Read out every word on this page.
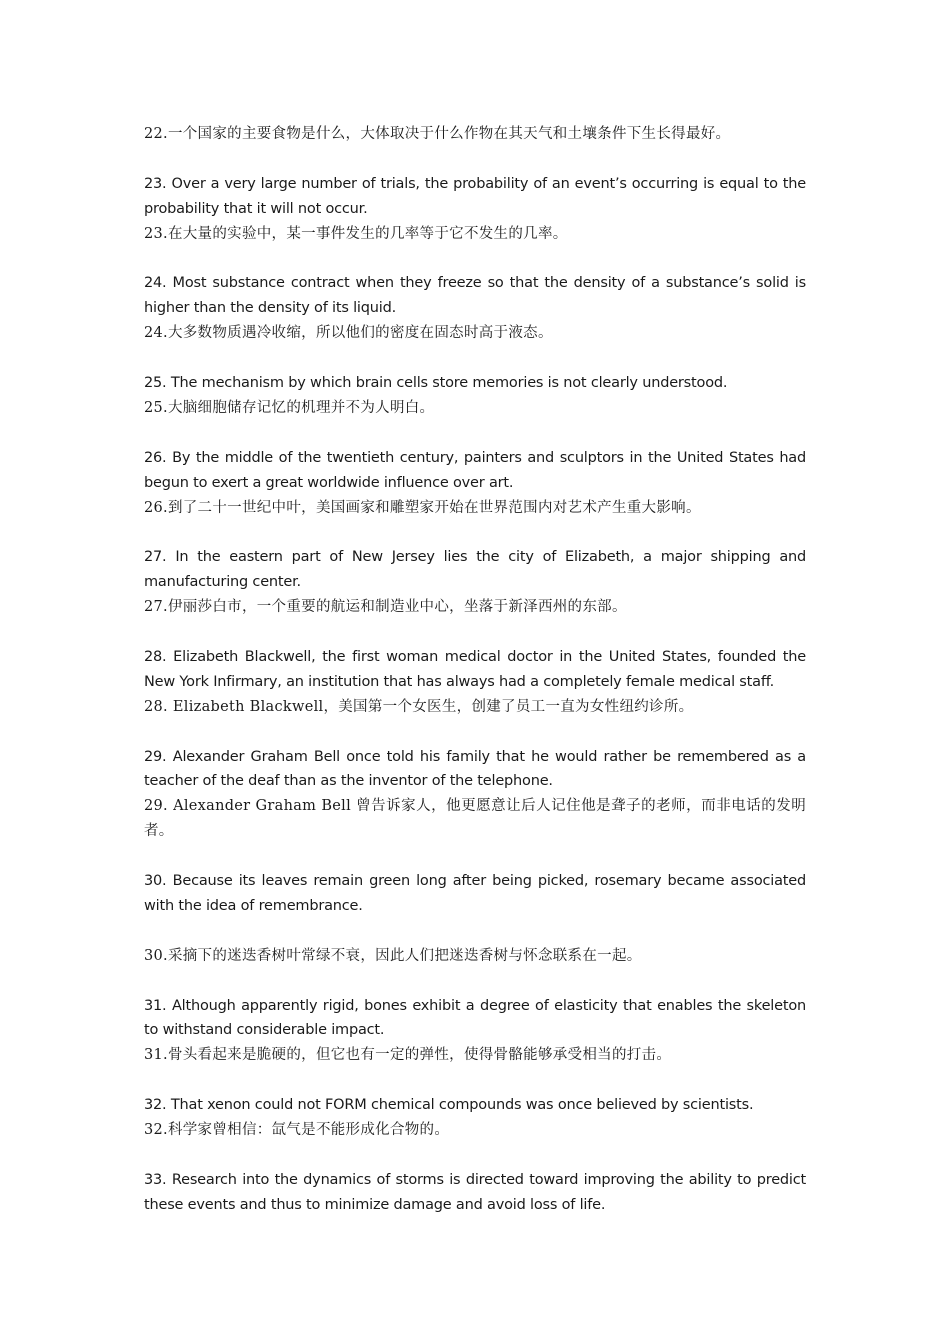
22.一个国家的主要食物是什么，大体取决于什么作物在其天气和土壤条件下生长得最好。

23. Over a very large number of trials, the probability of an event’s occurring is equal to the probability that it will not occur.

23.在大量的实验中，某一事件发生的几率等于它不发生的几率。

24. Most substance contract when they freeze so that the density of a substance’s solid is higher than the density of its liquid.

24.大多数物质遇冷收缩，所以他们的密度在固态时高于液态。

25. The mechanism by which brain cells store memories is not clearly understood.

25.大脑细胞储存记忆的机理并不为人明白。

26. By the middle of the twentieth century, painters and sculptors in the United States had begun to exert a great worldwide influence over art.

26.到了二十一世纪中叶，美国画家和雕塑家开始在世界范围内对艺术产生重大影响。

27. In the eastern part of New Jersey lies the city of Elizabeth, a major shipping and manufacturing center.

27.伊丽莎白市，一个重要的航运和制造业中心，坐落于新泽西州的东部。

28. Elizabeth Blackwell, the first woman medical doctor in the United States, founded the New York Infirmary, an institution that has always had a completely female medical staff.

28. Elizabeth Blackwell，美国第一个女医生，创建了员工一直为女性纽约诊所。

29. Alexander Graham Bell once told his family that he would rather be remembered as a teacher of the deaf than as the inventor of the telephone.

29. Alexander Graham Bell 曾告诉家人，他更愿意让后人记住他是聋子的老师，而非电话的发明者。

30. Because its leaves remain green long after being picked, rosemary became associated with the idea of remembrance.

30.采摘下的迷迭香树叶常绿不衰，因此人们把迷迭香树与怀念联系在一起。

31. Although apparently rigid, bones exhibit a degree of elasticity that enables the skeleton to withstand considerable impact.

31.骨头看起来是脆硬的，但它也有一定的弹性，使得骨骼能够承受相当的打击。

32. That xenon could not FORM chemical compounds was once believed by scientists.

32.科学家曾相信：氙气是不能形成化合物的。

33. Research into the dynamics of storms is directed toward improving the ability to predict these events and thus to minimize damage and avoid loss of life.
